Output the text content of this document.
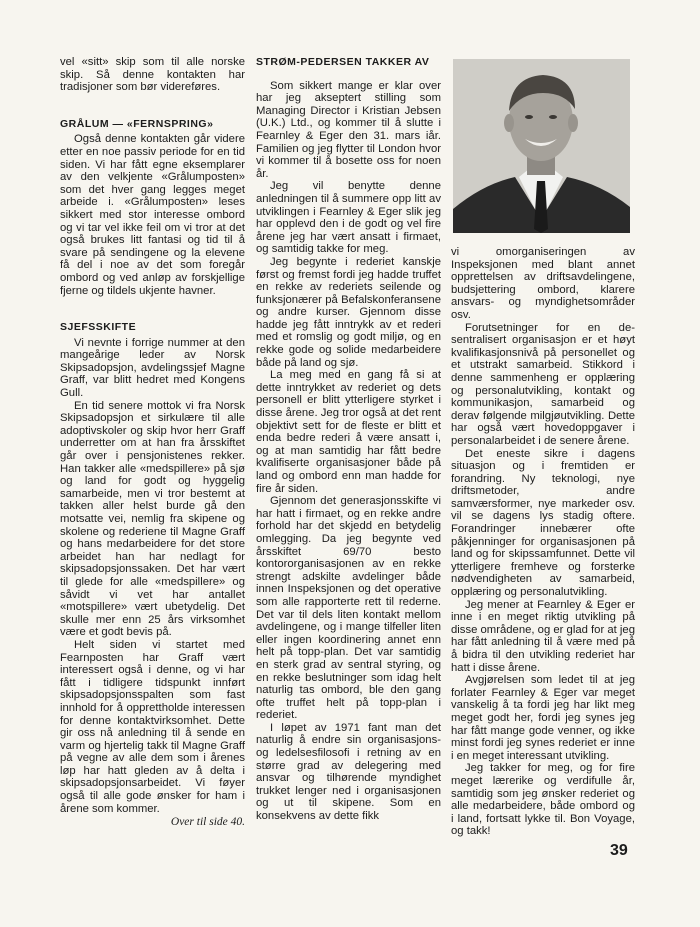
vel «sitt» skip som til alle norske skip. Så denne kontakten har tradisjoner som bør videreføres.

GRÅLUM — «FERNSPRING»

Også denne kontakten går videre etter en noe passiv periode for en tid siden. Vi har fått egne eksemplarer av den velkjente «Grålumposten» som det hver gang legges meget arbeide i. «Grålumposten» leses sikkert med stor interesse ombord og vi tar vel ikke feil om vi tror at det også brukes litt fantasi og tid til å svare på sendingene og la elevene få del i noe av det som foregår ombord og ved anløp av forskjellige fjerne og tildels ukjente havner.

SJEFSSKIFTE

Vi nevnte i forrige nummer at den mangeårige leder av Norsk Skipsadopsjon, avdelingssjef Magne Graff, var blitt hedret med Kongens Gull.

En tid senere mottok vi fra Norsk Skipsadopsjon et sirkulære til alle adoptivskoler og skip hvor herr Graff underretter om at han fra årsskiftet går over i pensjonistenes rekker. Han takker alle «medspillere» på sjø og land for godt og hyggelig samarbeide, men vi tror bestemt at takken aller helst burde gå den motsatte vei, nemlig fra skipene og skolene og rederiene til Magne Graff og hans medarbeidere for det store arbeidet han har nedlagt for skipsadopsjonssaken. Det har vært til glede for alle «medspillere» og såvidt vi vet har antallet «motspillere» vært ubetydelig. Det skulle mer enn 25 års virksomhet være et godt bevis på.

Helt siden vi startet med Fearnposten har Graff vært interessert også i denne, og vi har fått i tidligere tidspunkt innført skipsadopsjonsspalten som fast innhold for å opprettholde interessen for denne kontaktvirksomhet. Dette gir oss nå anledning til å sende en varm og hjertelig takk til Magne Graff på vegne av alle dem som i årenes løp har hatt gleden av å delta i skipsadopsjonsarbeidet. Vi føyer også til alle gode ønsker for ham i årene som kommer.

Over til side 40.
STRØM-PEDERSEN TAKKER AV

Som sikkert mange er klar over har jeg akseptert stilling som Managing Director i Kristian Jebsen (U.K.) Ltd., og kommer til å slutte i Fearnley & Eger den 31. mars iår. Familien og jeg flytter til London hvor vi kommer til å bosette oss for noen år.

Jeg vil benytte denne anledningen til å summere opp litt av utviklingen i Fearnley & Eger slik jeg har opplevd den i de godt og vel fire årene jeg har vært ansatt i firmaet, og samtidig takke for meg.

Jeg begynte i rederiet kanskje først og fremst fordi jeg hadde truffet en rekke av rederiets seilende og funksjonærer på Befalskonferansene og andre kurser. Gjennom disse hadde jeg fått inntrykk av et rederi med et romslig og godt miljø, og en rekke gode og solide medarbeidere både på land og sjø.

La meg med en gang få si at dette inntrykket av rederiet og dets personell er blitt ytterligere styrket i disse årene. Jeg tror også at det rent objektivt sett for de fleste er blitt et enda bedre rederi å være ansatt i, og at man samtidig har fått bedre kvalifiserte organisasjoner både på land og ombord enn man hadde for fire år siden.

Gjennom det generasjonsskifte vi har hatt i firmaet, og en rekke andre forhold har det skjedd en betydelig omlegging. Da jeg begynte ved årsskiftet 69/70 besto kontororganisasjonen av en rekke strengt adskilte avdelinger både innen Inspeksjonen og det operative som alle rapporterte rett til rederne. Det var til dels liten kontakt mellom avdelingene, og i mange tilfeller liten eller ingen koordinering annet enn helt på topp-plan. Det var samtidig en sterk grad av sentral styring, og en rekke beslutninger som idag helt naturlig tas ombord, ble den gang ofte truffet helt på topp-plan i rederiet.

I løpet av 1971 fant man det naturlig å endre sin organisasjons- og ledelsesfilosofi i retning av en større grad av delegering med ansvar og tilhørende myndighet trukket lenger ned i organisasjonen og ut til skipene. Som en konsekvens av dette fikk

vi omorganiseringen av Inspeksjonen med blant annet opprettelsen av driftsavdelingene, budsjettering ombord, klarere ansvars- og myndighetsområder osv.

Forutsetninger for en de-sentralisert organisasjon er et høyt kvalifikasjonsnivå på personellet og et utstrakt samarbeid. Stikkord i denne sammenheng er opplæring og personalutvikling, kontakt og kommunikasjon, samarbeid og derav følgende milgjøutvikling. Dette har også vært hovedoppgaver i personalarbeidet i de senere årene.

Det eneste sikre i dagens situasjon og i fremtiden er forandring. Ny teknologi, nye driftsmetoder, andre samværsformer, nye markeder osv. vil se dagens lys stadig oftere. Forandringer innebærer ofte påkjenninger for organisasjonen på land og for skipssamfunnet. Dette vil ytterligere fremheve og forsterke nødvendigheten av samarbeid, opplæring og personalutvikling.

Jeg mener at Fearnley & Eger er inne i en meget riktig utvikling på disse områdene, og er glad for at jeg har fått anledning til å være med på å bidra til den utvikling rederiet har hatt i disse årene.

Avgjørelsen som ledet til at jeg forlater Fearnley & Eger var meget vanskelig å ta fordi jeg har likt meg meget godt her, fordi jeg synes jeg har fått mange gode venner, og ikke minst fordi jeg synes rederiet er inne i en meget interessant utvikling.

Jeg takker for meg, og for fire meget lærerike og verdifulle år, samtidig som jeg ønsker rederiet og alle medarbeidere, både ombord og i land, fortsatt lykke til. Bon Voyage, og takk!

39
